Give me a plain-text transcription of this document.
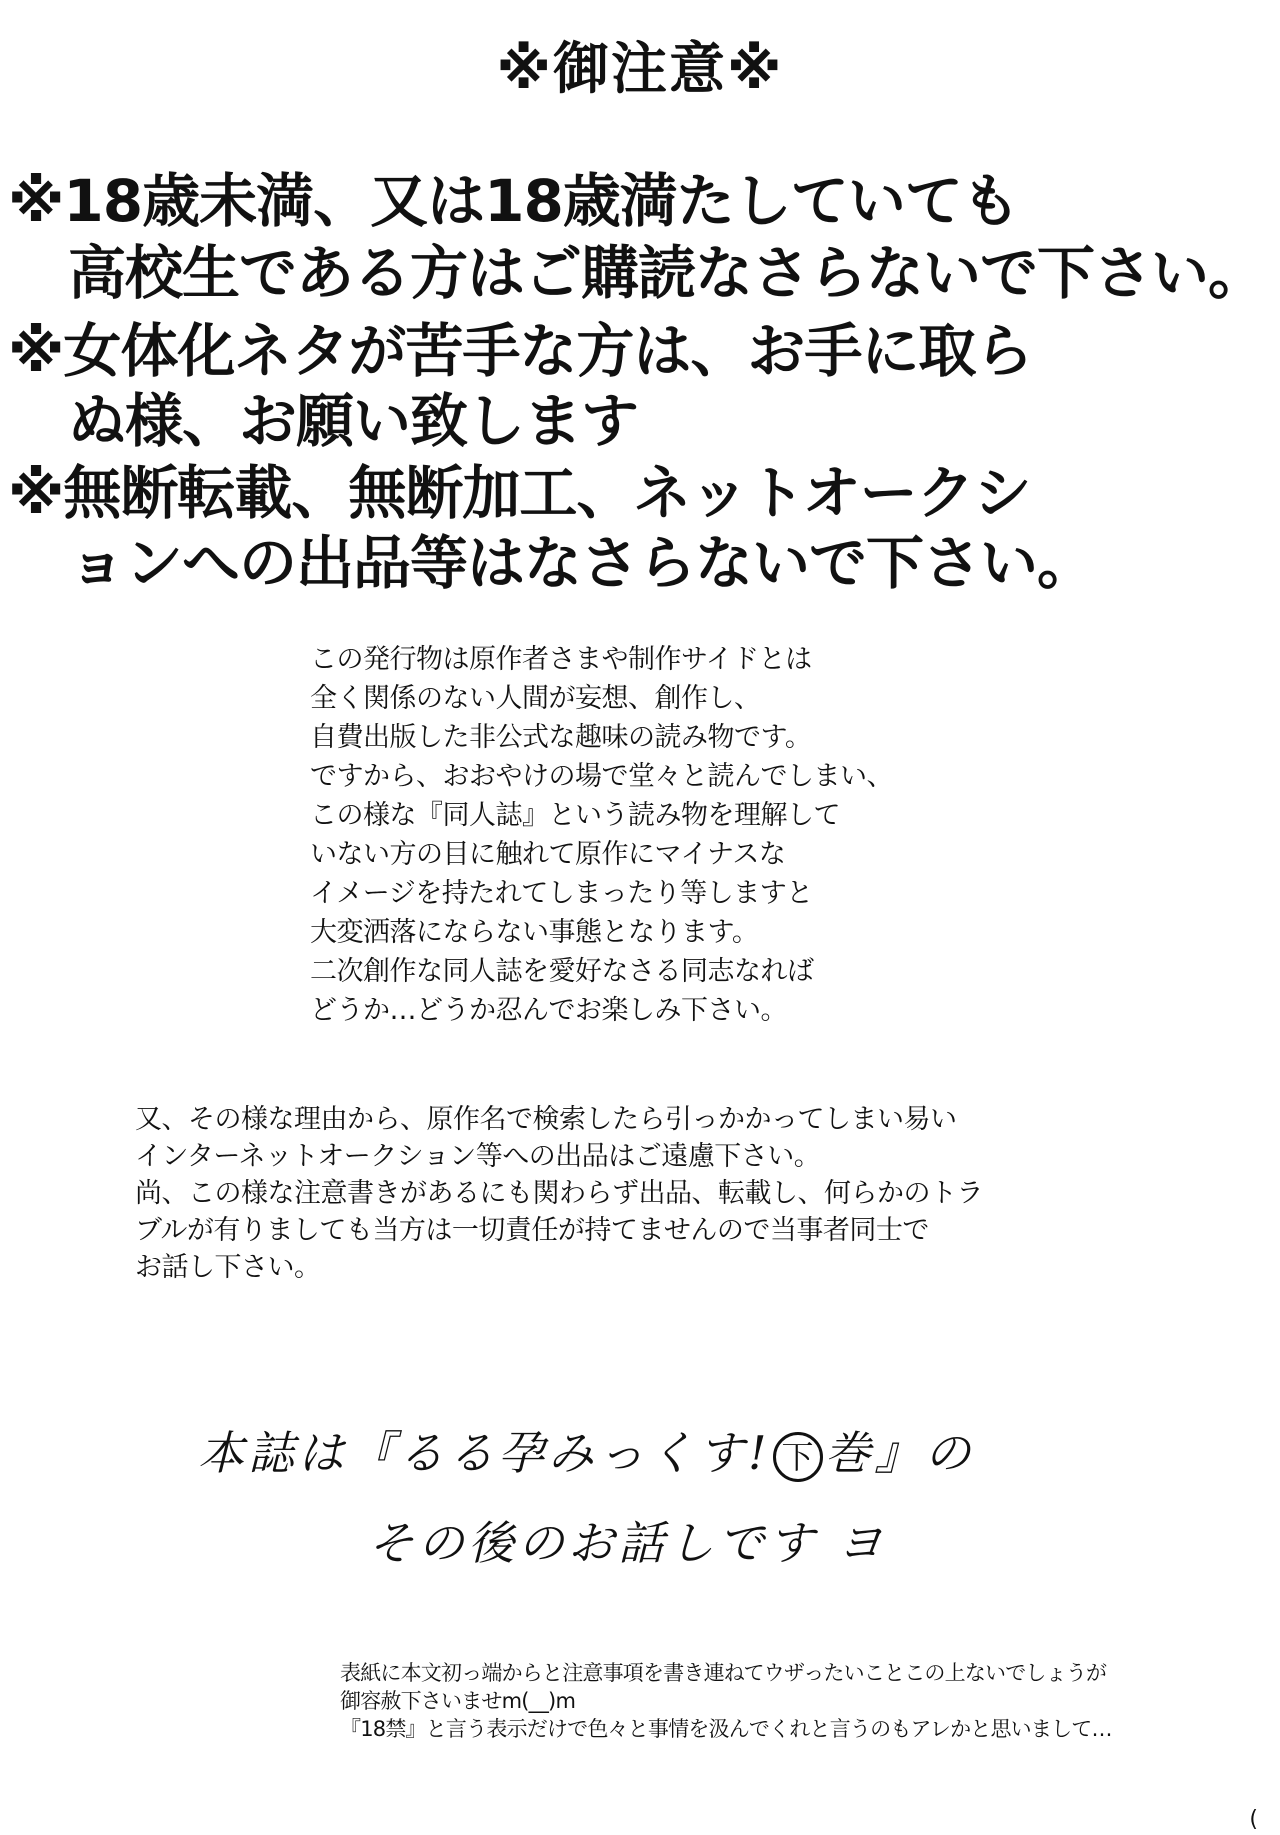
※御注意※
※18歳未満、又は18歳満たしていても
高校生である方はご購読なさらないで下さい。
※女体化ネタが苦手な方は、お手に取ら
ぬ様、お願い致します
※無断転載、無断加工、ネットオークシ
ョンへの出品等はなさらないで下さい。
この発行物は原作者さまや制作サイドとは
全く関係のない人間が妄想、創作し、
自費出版した非公式な趣味の読み物です。
ですから、おおやけの場で堂々と読んでしまい、
この様な『同人誌』という読み物を理解して
いない方の目に触れて原作にマイナスな
イメージを持たれてしまったり等しますと
大変洒落にならない事態となります。
二次創作な同人誌を愛好なさる同志なれば
どうか…どうか忍んでお楽しみ下さい。
又、その様な理由から、原作名で検索したら引っかかってしまい易い
インターネットオークション等への出品はご遠慮下さい。
尚、この様な注意書きがあるにも関わらず出品、転載し、何らかのトラ
ブルが有りましても当方は一切責任が持てませんので当事者同士で
お話し下さい。
本誌は『るる孕みっくす! 下 巻』の
その後のお話しです ヨ
表紙に本文初っ端からと注意事項を書き連ねてウザったいことこの上ないでしょうが
御容赦下さいませm(__)m
『18禁』と言う表示だけで色々と事情を汲んでくれと言うのもアレかと思いまして…
(
